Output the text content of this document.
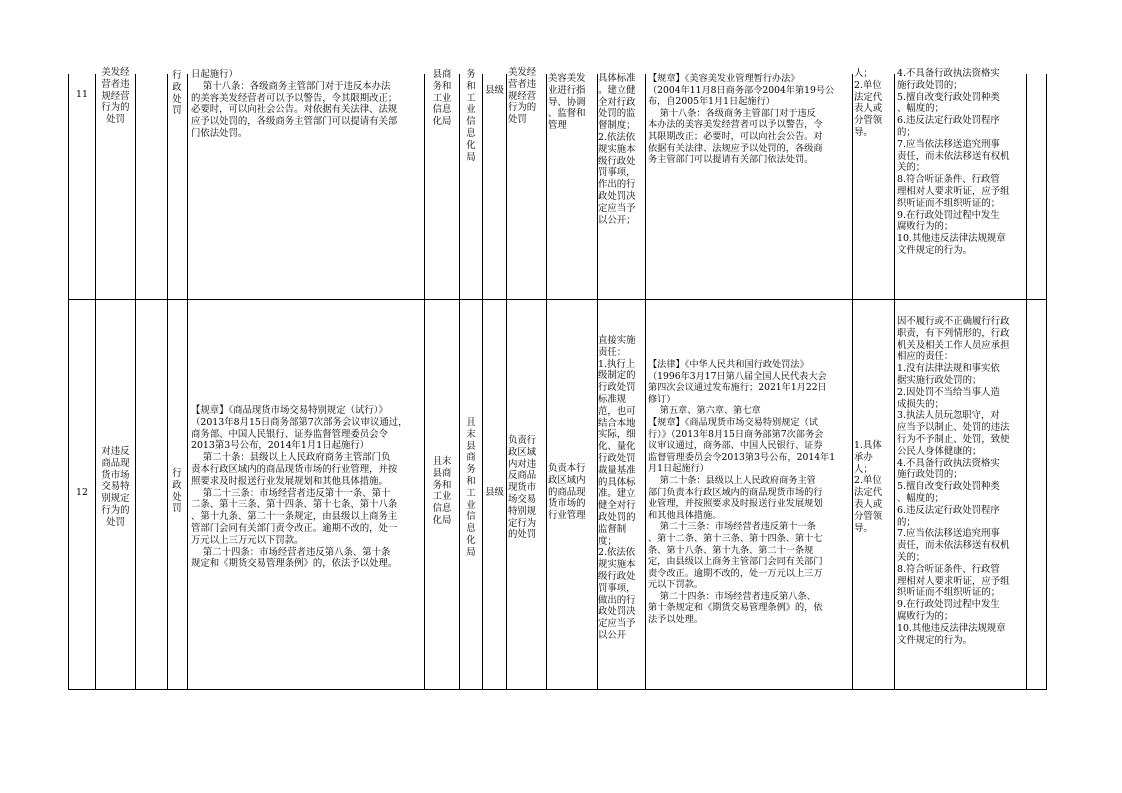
11
美发经
营者违
规经营
行为的
处罚
行
政
处
罚
日起施行）
第十八条：各级商务主管部门对于违反本办法
的美容美发经营者可以予以警告，令其限期改正；
必要时，可以向社会公告。对依据有关法律、法规
应予以处罚的，各级商务主管部门可以提请有关部
门依法处罚。
县商
务和
工业
信息
化局
务
和
工
业
信
息
化
局
县级
美发经
营者违
规经营
行为的
处罚
美容美发
业进行指
导、协调
、监督和
管理
具体标准
。建立健
全对行政
处罚的监
督制度；
2.依法依
规实施本
级行政处
罚事项，
作出的行
政处罚决
定应当予
以公开；
【规章】《美容美发业管理暂行办法》
（2004年11月8日商务部令2004年第19号公
布，自2005年1月1日起施行）
第十八条：各级商务主管部门对于违反
本办法的美容美发经营者可以予以警告，令
其限期改正；必要时，可以向社会公告。对
依据有关法律、法规应予以处罚的，各级商
务主管部门可以提请有关部门依法处罚。
人；
2.单位
法定代
表人或
分管领
导。
4.不具备行政执法资格实
施行政处罚的；
5.擅自改变行政处罚种类
、幅度的；
6.违反法定行政处罚程序
的；
7.应当依法移送追究刑事
责任，而未依法移送有权机
关的；
8.符合听证条件、行政管
理相对人要求听证，应予组
织听证而不组织听证的；
9.在行政处罚过程中发生
腐败行为的；
10.其他违反法律法规规章
文件规定的行为。
12
对违反
商品现
货市场
交易特
别规定
行为的
处罚
行
政
处
罚
【规章】《商品现货市场交易特别规定（试行）》
（2013年8月15日商务部第7次部务会议审议通过，
商务部、中国人民银行、证券监督管理委员会令
2013第3号公布，2014年1月1日起施行）
第二十条：县级以上人民政府商务主管部门负
责本行政区域内的商品现货市场的行业管理，并按
照要求及时报送行业发展规划和其他具体措施。
第二十三条：市场经营者违反第十一条、第十
二条、第十三条、第十四条、第十七条、第十八条
、第十九条、第二十一条规定，由县级以上商务主
管部门会同有关部门责令改正。逾期不改的，处一
万元以上三万元以下罚款。
第二十四条：市场经营者违反第八条、第十条
规定和《期货交易管理条例》的，依法予以处理。
且末
县商
务和
工业
信息
化局
且
末
县
商
务
和
工
业
信
息
化
局
县级
负责行
政区域
内对违
反商品
现货市
场交易
特别规
定行为
的处罚
负责本行
政区域内
的商品现
货市场的
行业管理
直接实施
责任：
1.执行上
级制定的
行政处罚
标准规
范，也可
结合本地
实际，细
化、量化
行政处罚
裁量基准
的具体标
准。建立
健全对行
政处罚的
监督制
度；
2.依法依
规实施本
级行政处
罚事项，
做出的行
政处罚决
定应当予
以公开
【法律】《中华人民共和国行政处罚法》
（1996年3月17日第八届全国人民代表大会
第四次会议通过发布施行；2021年1月22日
修订）
第五章、第六章、第七章
【规章】《商品现货市场交易特别规定（试
行）》（2013年8月15日商务部第7次部务会
议审议通过，商务部、中国人民银行、证券
监督管理委员会令2013第3号公布，2014年1
月1日起施行）
第二十条：县级以上人民政府商务主管
部门负责本行政区域内的商品现货市场的行
业管理，并按照要求及时报送行业发展规划
和其他具体措施。
第二十三条：市场经营者违反第十一条
、第十二条、第十三条、第十四条、第十七
条、第十八条、第十九条、第二十一条规
定，由县级以上商务主管部门会同有关部门
责令改正。逾期不改的，处一万元以上三万
元以下罚款。
第二十四条：市场经营者违反第八条、
第十条规定和《期货交易管理条例》的，依
法予以处理。
1.具体
承办
人；
2.单位
法定代
表人或
分管领
导。
因不履行或不正确履行行政
职责，有下列情形的，行政
机关及相关工作人员应承担
相应的责任：
1.没有法律法规和事实依
据实施行政处罚的；
2.因处罚不当给当事人造
成损失的；
3.执法人员玩忽职守，对
应当予以制止、处罚的违法
行为不予制止、处罚，致使
公民人身体健康的；
4.不具备行政执法资格实
施行政处罚的；
5.擅自改变行政处罚种类
、幅度的；
6.违反法定行政处罚程序
的；
7.应当依法移送追究刑事
责任，而未依法移送有权机
关的；
8.符合听证条件、行政管
理相对人要求听证，应予组
织听证而不组织听证的；
9.在行政处罚过程中发生
腐败行为的；
10.其他违反法律法规规章
文件规定的行为。
